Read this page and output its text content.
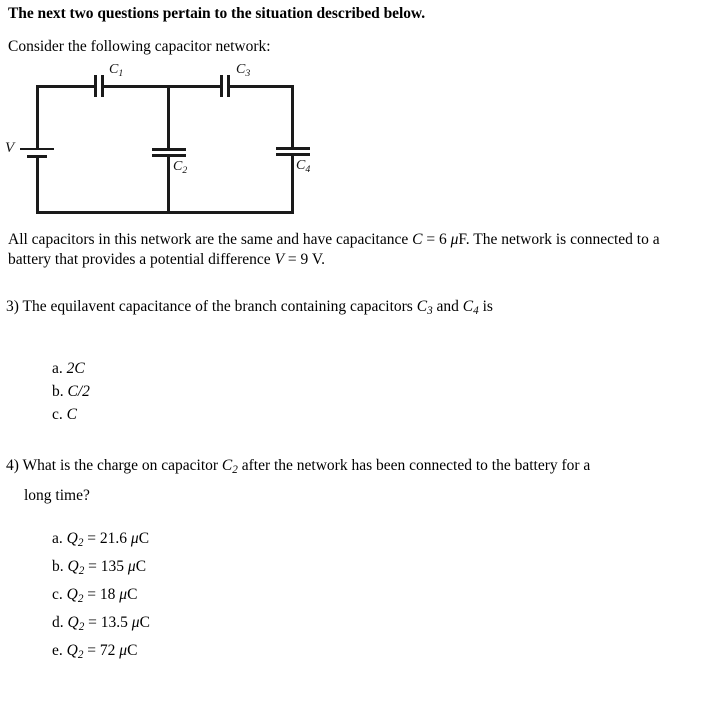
The next two questions pertain to the situation described below.
Consider the following capacitor network:
V
$C_1$	$C_3$
$C_2$	$C_4$
All capacitors in this network are the same and have capacitance C = 6 μF. The network is connected to a battery that provides a potential difference V = 9 V.
3) The equilavent capacitance of the branch containing capacitors $C_3$ and $C_4$ is
a. 2C
b. C/2
c. C
4) What is the charge on capacitor $C_2$ after the network has been connected to the battery for a
long time?
a. $Q_2 = 21.6$ μC
b. $Q_2 = 135$ μC
c. $Q_2 = 18$ μC
d. $Q_2 = 13.5$ μC
e. $Q_2 = 72$ μC
